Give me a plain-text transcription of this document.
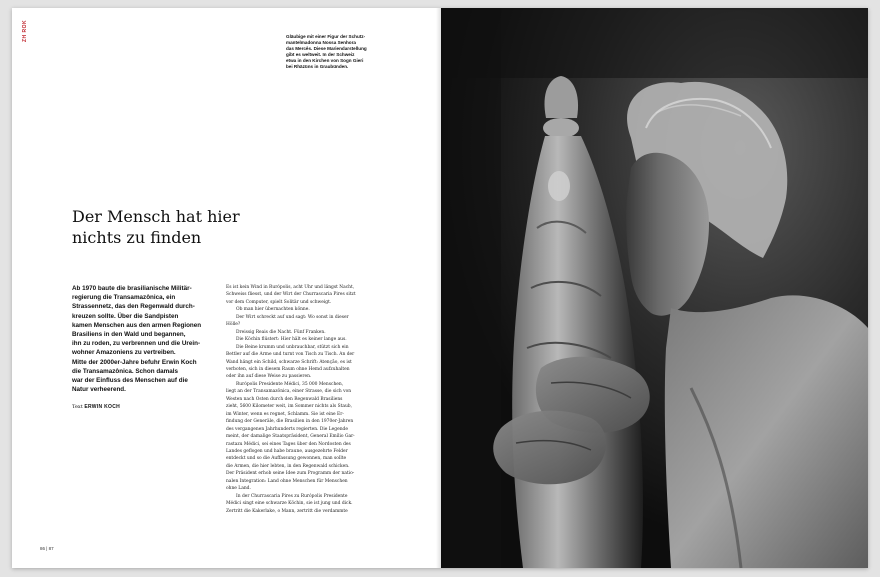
ZH ROK	Gläubige mit einer Figur der Schutz-
mantelmadonna Nossa Senhora
das Mercês. Diese Mariendarstellung
gibt es weltweit. In der Schweiz
etwa in den Kirchen von Sogn Gieri
bei Rhäzüns in Graubünden.
Der Mensch hat hier
nichts zu finden
Ab 1970 baute die brasilianische Militär-
regierung die Transamazônica, ein
Strassennetz, das den Regenwald durch-
kreuzen sollte. Über die Sandpisten
kamen Menschen aus den armen Regionen
Brasiliens in den Wald und begannen,
ihn zu roden, zu verbrennen und die Urein-
wohner Amazoniens zu vertreiben.
Mitte der 2000er-Jahre befuhr Erwin Koch
die Transamazônica. Schon damals
war der Einfluss des Menschen auf die
Natur verheerend.
Text ERWIN KOCH
Es ist kein Wind in Rurópolis, acht Uhr und längst Nacht,
Schweiss fliesst, und der Wirt der Churrascaria Pires sitzt
vor dem Computer, spielt Solitär und schweigt.
Ob man hier übernachten könne.
Der Wirt schreckt auf und sagt: Wo sonst in dieser
Hölle?
Dreissig Reais die Nacht. Fünf Franken.
Die Köchin flüstert: Hier hält es keiner lange aus.
Die Beine krumm und unbrauchbar, stützt sich ein
Bettler auf die Arme und turnt von Tisch zu Tisch. An der
Wand hängt ein Schild, schwarze Schrift: Atenção, es ist
verboten, sich in diesem Raum ohne Hemd aufzuhalten
oder ihn auf diese Weise zu passieren.
Rurópolis Presidente Médici, 35 000 Menschen,
liegt an der Transamazônica, einer Strasse, die sich von
Westen nach Osten durch den Regenwald Brasiliens
zieht, 5600 Kilometer weit, im Sommer nichts als Staub,
im Winter, wenn es regnet, Schlamm. Sie ist eine Er-
findung der Generäle, die Brasilien in den 1970er-Jahren
des vergangenen Jahrhunderts regierten. Die Legende
meint, der damalige Staatspräsident, General Emílio Gar-
rastazu Médici, sei eines Tages über den Nordosten des
Landes geflogen und habe braune, ausgezehrte Felder
entdeckt und so die Auffassung gewonnen, man sollte
die Armen, die hier lebten, in den Regenwald schicken.
Der Präsident erhob seine Idee zum Programm der natio-
nalen Integration: Land ohne Menschen für Menschen
ohne Land.
In der Churrascaria Pires zu Rurópolis Presidente
Médici singt eine schwarze Köchin, sie ist jung und dick.
Zertritt die Kakerlake, o Mann, zertritt die verdammte
86 | 87
